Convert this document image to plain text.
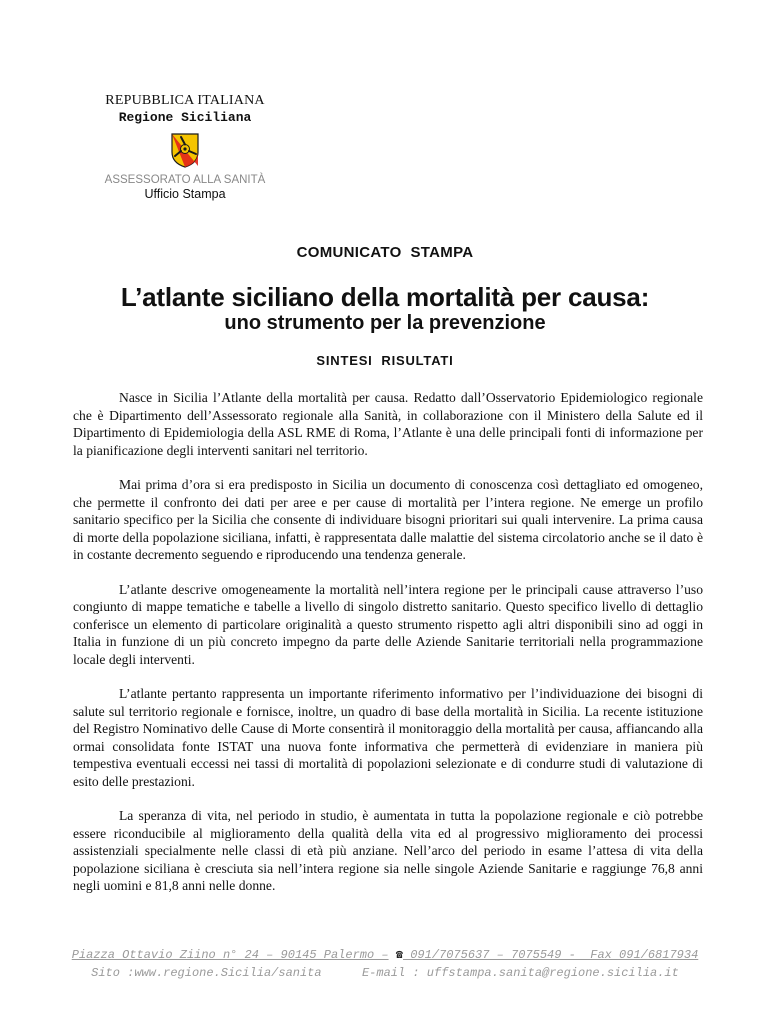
REPUBBLICA ITALIANA
Regione Siciliana
ASSESSORATO ALLA SANITÀ
Ufficio Stampa
COMUNICATO  STAMPA
L’atlante siciliano della mortalità per causa:
uno strumento per la prevenzione
SINTESI  RISULTATI

Nasce in Sicilia l’Atlante della mortalità per causa. Redatto dall’Osservatorio Epidemiologico regionale che è Dipartimento dell’Assessorato regionale alla Sanità, in collaborazione con il Ministero della Salute ed il Dipartimento di Epidemiologia della ASL RME di Roma, l’Atlante è una delle principali fonti di informazione per la pianificazione degli interventi sanitari nel territorio.

Mai prima d’ora si era predisposto in Sicilia un documento di conoscenza così dettagliato ed omogeneo, che permette il confronto dei dati per aree e per cause di mortalità per l’intera regione. Ne emerge un profilo sanitario specifico per la Sicilia che consente di individuare bisogni prioritari sui quali intervenire. La prima causa di morte della popolazione siciliana, infatti, è rappresentata dalle malattie del sistema circolatorio anche se il dato è in costante decremento seguendo e riproducendo una tendenza generale.

L’atlante descrive omogeneamente la mortalità nell’intera regione per le principali cause attraverso l’uso congiunto di mappe tematiche e tabelle a livello di singolo distretto sanitario. Questo specifico livello di dettaglio conferisce un elemento di particolare originalità a questo strumento rispetto agli altri disponibili sino ad oggi in Italia in funzione di un più concreto impegno da parte delle Aziende Sanitarie territoriali nella programmazione locale degli interventi.

L’atlante pertanto rappresenta un importante riferimento informativo per l’individuazione dei bisogni di salute sul territorio regionale e fornisce, inoltre, un quadro di base della mortalità in Sicilia. La recente istituzione del Registro Nominativo delle Cause di Morte consentirà il monitoraggio della mortalità per causa, affiancando alla ormai consolidata fonte ISTAT una nuova fonte informativa che permetterà di evidenziare in maniera più tempestiva eventuali eccessi nei tassi di mortalità di popolazioni selezionate e di condurre studi di valutazione di esito delle prestazioni.

La speranza di vita, nel periodo in studio, è aumentata in tutta la popolazione regionale e ciò potrebbe essere riconducibile al miglioramento della qualità della vita ed al progressivo miglioramento dei processi assistenziali specialmente nelle classi di età più anziane. Nell’arco del periodo in esame l’attesa di vita della popolazione siciliana è cresciuta sia nell’intera regione sia nelle singole Aziende Sanitarie e raggiunge 76,8 anni negli uomini e 81,8 anni nelle donne.

Piazza Ottavio Ziino n° 24 – 90145 Palermo – ☎ 091/7075637 – 7075549 -  Fax 091/6817934
Sito :www.regione.Sicilia/sanita	E-mail : uffstampa.sanita@regione.sicilia.it
